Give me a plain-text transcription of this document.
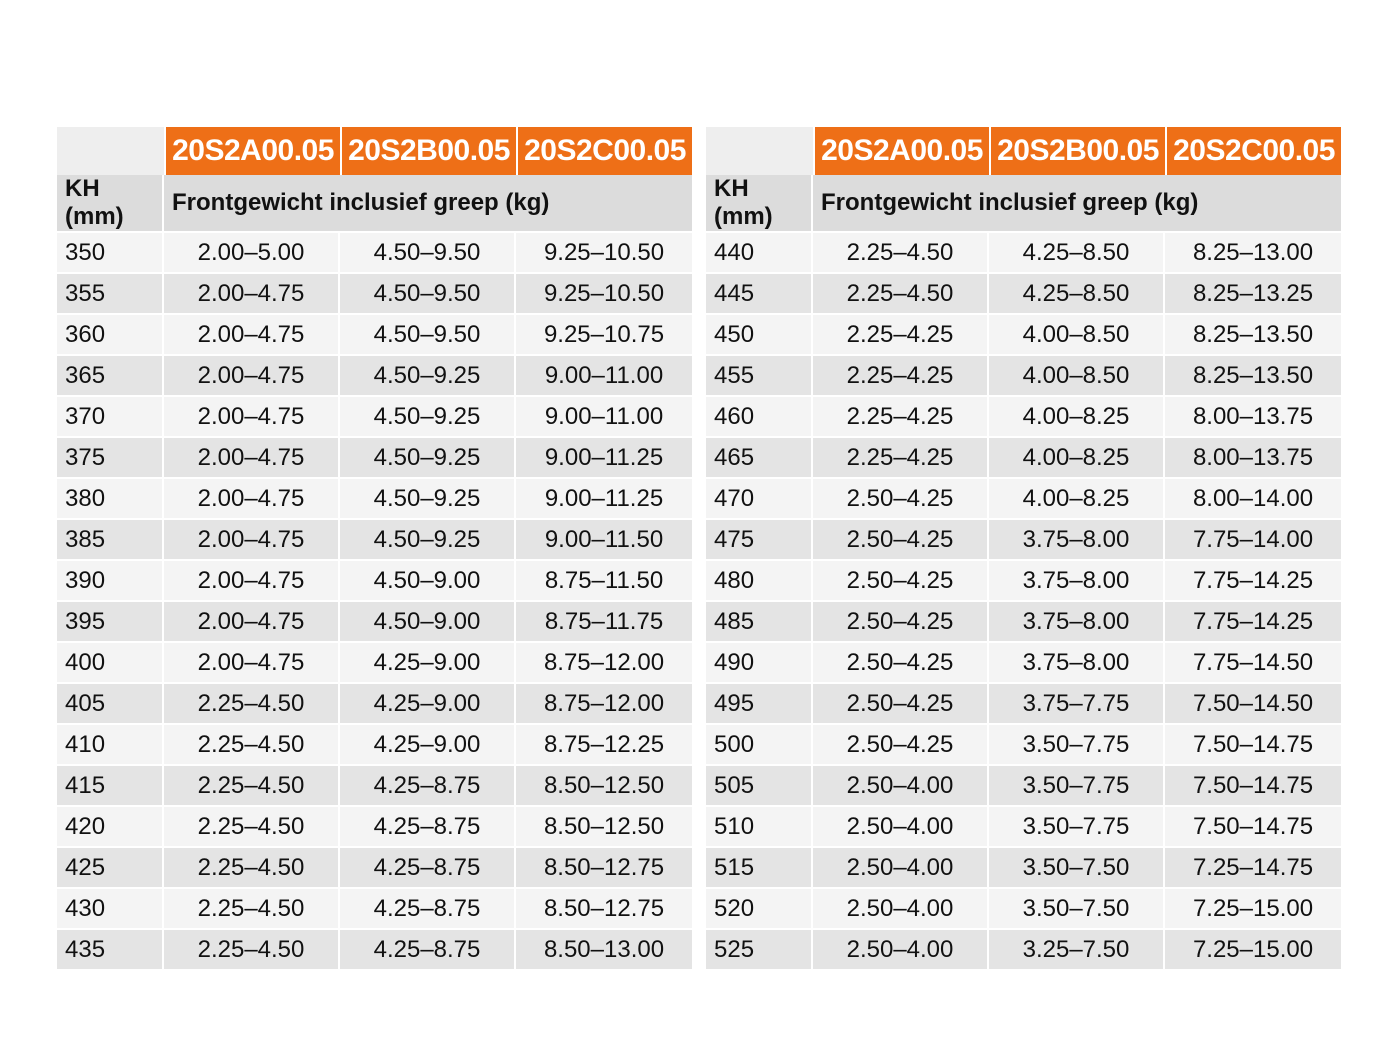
	20S2A00.05	20S2B00.05	20S2C00.05
KH (mm)	Frontgewicht inclusief greep (kg)		
350	2.00–5.00	4.50–9.50	9.25–10.50
355	2.00–4.75	4.50–9.50	9.25–10.50
360	2.00–4.75	4.50–9.50	9.25–10.75
365	2.00–4.75	4.50–9.25	9.00–11.00
370	2.00–4.75	4.50–9.25	9.00–11.00
375	2.00–4.75	4.50–9.25	9.00–11.25
380	2.00–4.75	4.50–9.25	9.00–11.25
385	2.00–4.75	4.50–9.25	9.00–11.50
390	2.00–4.75	4.50–9.00	8.75–11.50
395	2.00–4.75	4.50–9.00	8.75–11.75
400	2.00–4.75	4.25–9.00	8.75–12.00
405	2.25–4.50	4.25–9.00	8.75–12.00
410	2.25–4.50	4.25–9.00	8.75–12.25
415	2.25–4.50	4.25–8.75	8.50–12.50
420	2.25–4.50	4.25–8.75	8.50–12.50
425	2.25–4.50	4.25–8.75	8.50–12.75
430	2.25–4.50	4.25–8.75	8.50–12.75
435	2.25–4.50	4.25–8.75	8.50–13.00
	20S2A00.05	20S2B00.05	20S2C00.05
KH (mm)	Frontgewicht inclusief greep (kg)		
440	2.25–4.50	4.25–8.50	8.25–13.00
445	2.25–4.50	4.25–8.50	8.25–13.25
450	2.25–4.25	4.00–8.50	8.25–13.50
455	2.25–4.25	4.00–8.50	8.25–13.50
460	2.25–4.25	4.00–8.25	8.00–13.75
465	2.25–4.25	4.00–8.25	8.00–13.75
470	2.50–4.25	4.00–8.25	8.00–14.00
475	2.50–4.25	3.75–8.00	7.75–14.00
480	2.50–4.25	3.75–8.00	7.75–14.25
485	2.50–4.25	3.75–8.00	7.75–14.25
490	2.50–4.25	3.75–8.00	7.75–14.50
495	2.50–4.25	3.75–7.75	7.50–14.50
500	2.50–4.25	3.50–7.75	7.50–14.75
505	2.50–4.00	3.50–7.75	7.50–14.75
510	2.50–4.00	3.50–7.75	7.50–14.75
515	2.50–4.00	3.50–7.50	7.25–14.75
520	2.50–4.00	3.50–7.50	7.25–15.00
525	2.50–4.00	3.25–7.50	7.25–15.00
